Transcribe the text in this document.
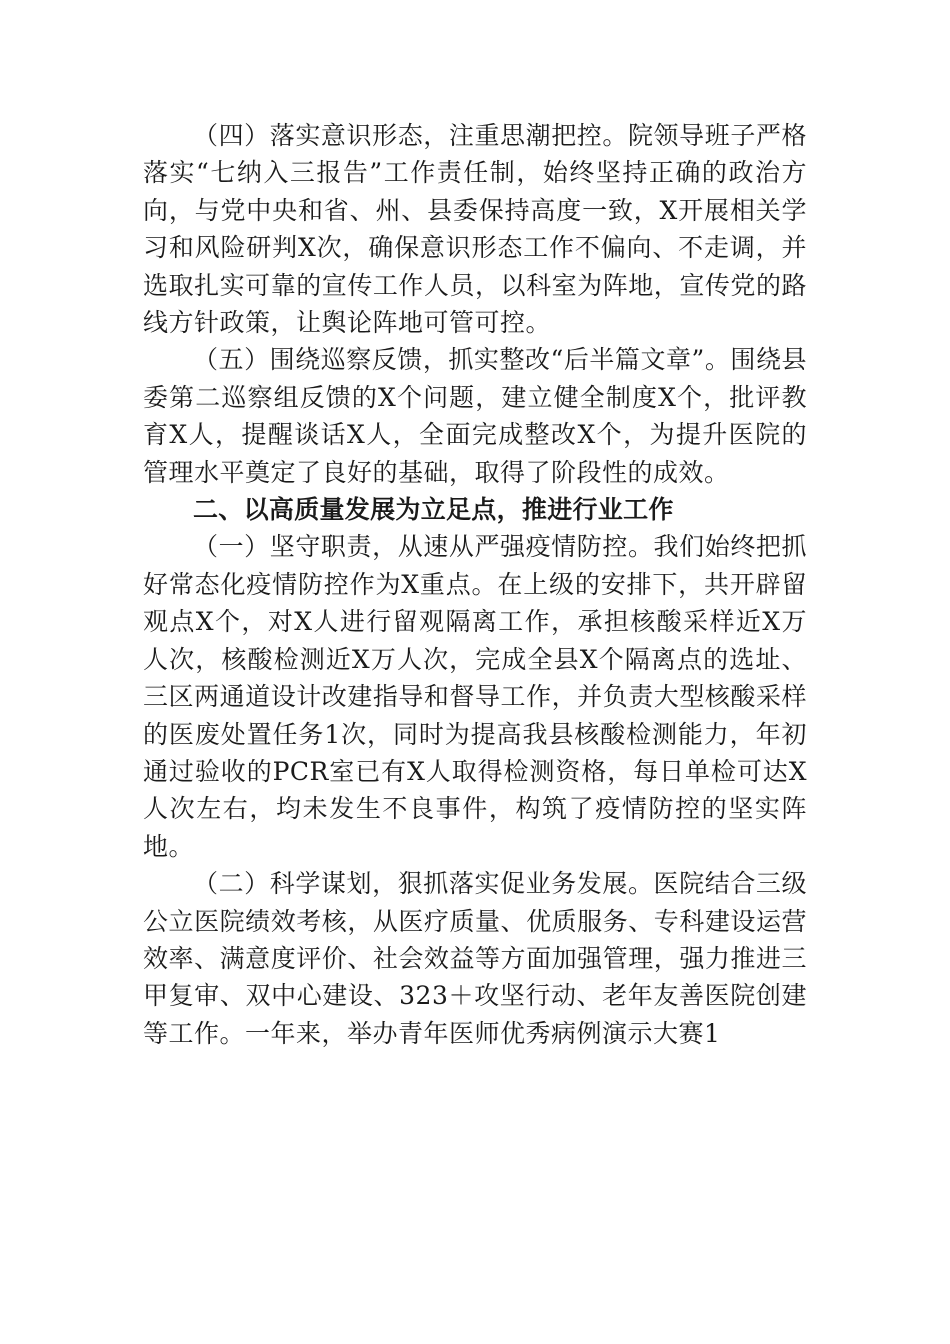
（四）落实意识形态，注重思潮把控。院领导班子严格落实“七纳入三报告”工作责任制，始终坚持正确的政治方向，与党中央和省、州、县委保持高度一致，X开展相关学习和风险研判X次，确保意识形态工作不偏向、不走调，并选取扎实可靠的宣传工作人员，以科室为阵地，宣传党的路线方针政策，让舆论阵地可管可控。

（五）围绕巡察反馈，抓实整改“后半篇文章”。围绕县委第二巡察组反馈的X个问题，建立健全制度X个，批评教育X人，提醒谈话X人，全面完成整改X个，为提升医院的管理水平奠定了良好的基础，取得了阶段性的成效。

二、以高质量发展为立足点，推进行业工作

（一）坚守职责，从速从严强疫情防控。我们始终把抓好常态化疫情防控作为X重点。在上级的安排下，共开辟留观点X个，对X人进行留观隔离工作，承担核酸采样近X万人次，核酸检测近X万人次，完成全县X个隔离点的选址、三区两通道设计改建指导和督导工作，并负责大型核酸采样的医废处置任务1次，同时为提高我县核酸检测能力，年初通过验收的PCR室已有X人取得检测资格，每日单检可达X人次左右，均未发生不良事件，构筑了疫情防控的坚实阵地。

（二）科学谋划，狠抓落实促业务发展。医院结合三级公立医院绩效考核，从医疗质量、优质服务、专科建设运营效率、满意度评价、社会效益等方面加强管理，强力推进三甲复审、双中心建设、323＋攻坚行动、老年友善医院创建等工作。一年来，举办青年医师优秀病例演示大赛1
